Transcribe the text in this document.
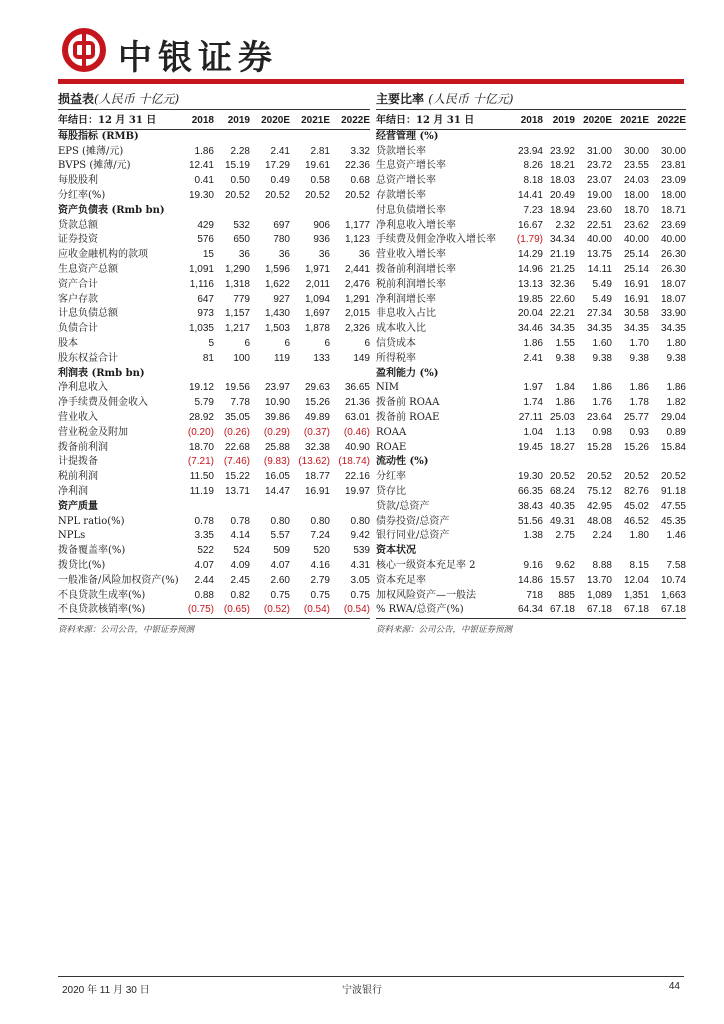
中银证券
损益表(人民币 十亿元)
年结日：12 月 31 日	2018	2019	2020E	2021E	2022E
每股指标 (RMB)					
EPS (摊薄/元)	1.86	2.28	2.41	2.81	3.32
BVPS (摊薄/元)	12.41	15.19	17.29	19.61	22.36
每股股利	0.41	0.50	0.49	0.58	0.68
分红率(%)	19.30	20.52	20.52	20.52	20.52
资产负债表 (Rmb bn)					
贷款总额	429	532	697	906	1,177
证券投资	576	650	780	936	1,123
应收金融机构的款项	15	36	36	36	36
生息资产总额	1,091	1,290	1,596	1,971	2,441
资产合计	1,116	1,318	1,622	2,011	2,476
客户存款	647	779	927	1,094	1,291
计息负债总额	973	1,157	1,430	1,697	2,015
负债合计	1,035	1,217	1,503	1,878	2,326
股本	5	6	6	6	6
股东权益合计	81	100	119	133	149
利润表 (Rmb bn)					
净利息收入	19.12	19.56	23.97	29.63	36.65
净手续费及佣金收入	5.79	7.78	10.90	15.26	21.36
营业收入	28.92	35.05	39.86	49.89	63.01
营业税金及附加	(0.20)	(0.26)	(0.29)	(0.37)	(0.46)
拨备前利润	18.70	22.68	25.88	32.38	40.90
计提拨备	(7.21)	(7.46)	(9.83)	(13.62)	(18.74)
税前利润	11.50	15.22	16.05	18.77	22.16
净利润	11.19	13.71	14.47	16.91	19.97
资产质量					
NPL ratio(%)	0.78	0.78	0.80	0.80	0.80
NPLs	3.35	4.14	5.57	7.24	9.42
拨备覆盖率(%)	522	524	509	520	539
拨贷比(%)	4.07	4.09	4.07	4.16	4.31
一般准备/风险加权资产(%)	2.44	2.45	2.60	2.79	3.05
不良贷款生成率(%)	0.88	0.82	0.75	0.75	0.75
不良贷款核销率(%)	(0.75)	(0.65)	(0.52)	(0.54)	(0.54)
资料来源：公司公告，中银证券预测
主要比率 (人民币 十亿元)
年结日：12 月 31 日	2018	2019	2020E	2021E	2022E
经营管理 (%)					
贷款增长率	23.94	23.92	31.00	30.00	30.00
生息资产增长率	8.26	18.21	23.72	23.55	23.81
总资产增长率	8.18	18.03	23.07	24.03	23.09
存款增长率	14.41	20.49	19.00	18.00	18.00
付息负债增长率	7.23	18.94	23.60	18.70	18.71
净利息收入增长率	16.67	2.32	22.51	23.62	23.69
手续费及佣金净收入增长率	(1.79)	34.34	40.00	40.00	40.00
营业收入增长率	14.29	21.19	13.75	25.14	26.30
拨备前利润增长率	14.96	21.25	14.11	25.14	26.30
税前利润增长率	13.13	32.36	5.49	16.91	18.07
净利润增长率	19.85	22.60	5.49	16.91	18.07
非息收入占比	20.04	22.21	27.34	30.58	33.90
成本收入比	34.46	34.35	34.35	34.35	34.35
信贷成本	1.86	1.55	1.60	1.70	1.80
所得税率	2.41	9.38	9.38	9.38	9.38
盈利能力 (%)					
NIM	1.97	1.84	1.86	1.86	1.86
拨备前 ROAA	1.74	1.86	1.76	1.78	1.82
拨备前 ROAE	27.11	25.03	23.64	25.77	29.04
ROAA	1.04	1.13	0.98	0.93	0.89
ROAE	19.45	18.27	15.28	15.26	15.84
流动性 (%)					
分红率	19.30	20.52	20.52	20.52	20.52
贷存比	66.35	68.24	75.12	82.76	91.18
贷款/总资产	38.43	40.35	42.95	45.02	47.55
债券投资/总资产	51.56	49.31	48.08	46.52	45.35
银行同业/总资产	1.38	2.75	2.24	1.80	1.46
资本状况					
核心一级资本充足率 2	9.16	9.62	8.88	8.15	7.58
资本充足率	14.86	15.57	13.70	12.04	10.74
加权风险资产—一般法	718	885	1,089	1,351	1,663
% RWA/总资产(%)	64.34	67.18	67.18	67.18	67.18
资料来源：公司公告，中银证券预测
2020 年 11 月 30 日	宁波银行	44
